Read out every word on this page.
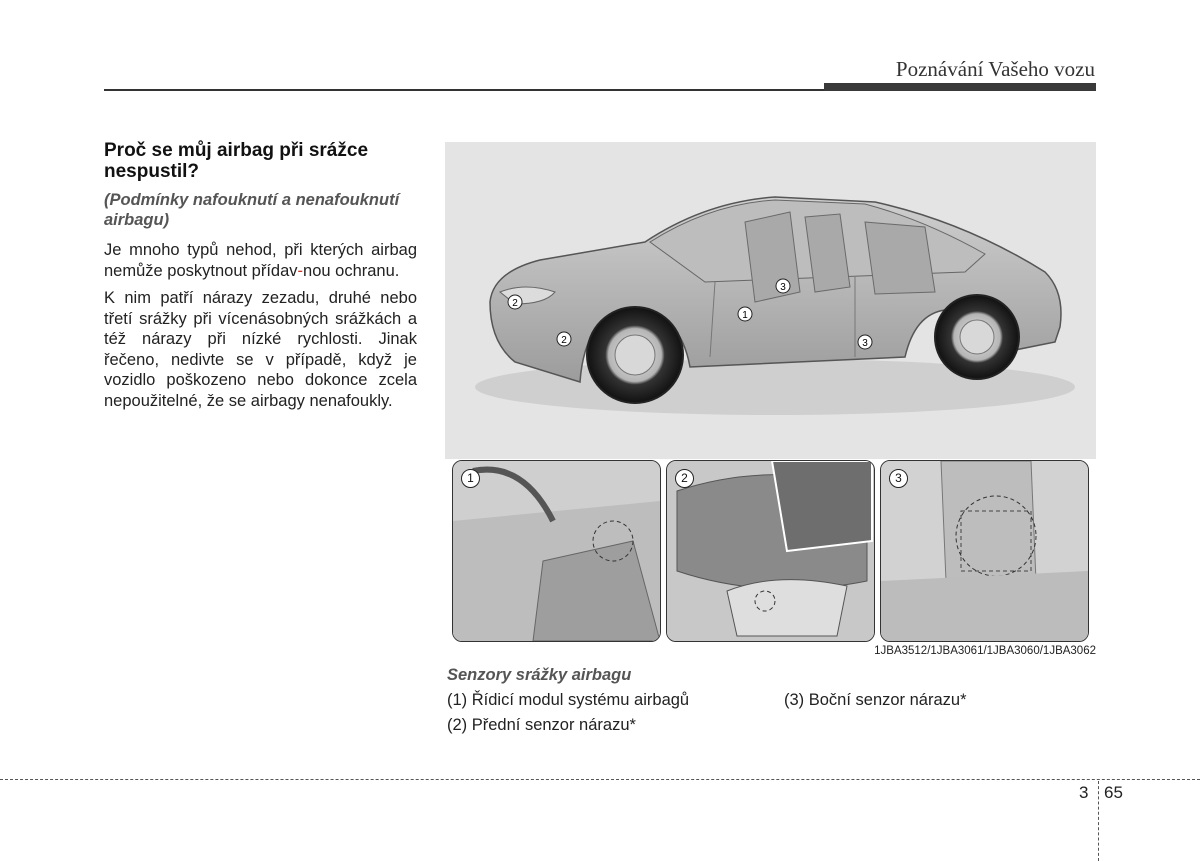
Poznávání Vašeho vozu
Proč se můj airbag při srážce nespustil?
(Podmínky nafouknutí a nenafouknutí airbagu)
Je mnoho typů nehod, při kterých airbag nemůže poskytnout přídav-nou ochranu.
K nim patří nárazy zezadu, druhé nebo třetí srážky při vícenásobných srážkách a též nárazy při nízké rychlosti. Jinak řečeno, nedivte se v případě, když je vozidlo poškozeno nebo dokonce zcela nepoužitelné, že se airbagy nenafoukly.
2
2
1
3
3
1	2	3
1JBA3512/1JBA3061/1JBA3060/1JBA3062
Senzory srážky airbagu
(1) Řídicí modul systému airbagů
(2) Přední senzor nárazu*
(3) Boční senzor nárazu*
3 65
